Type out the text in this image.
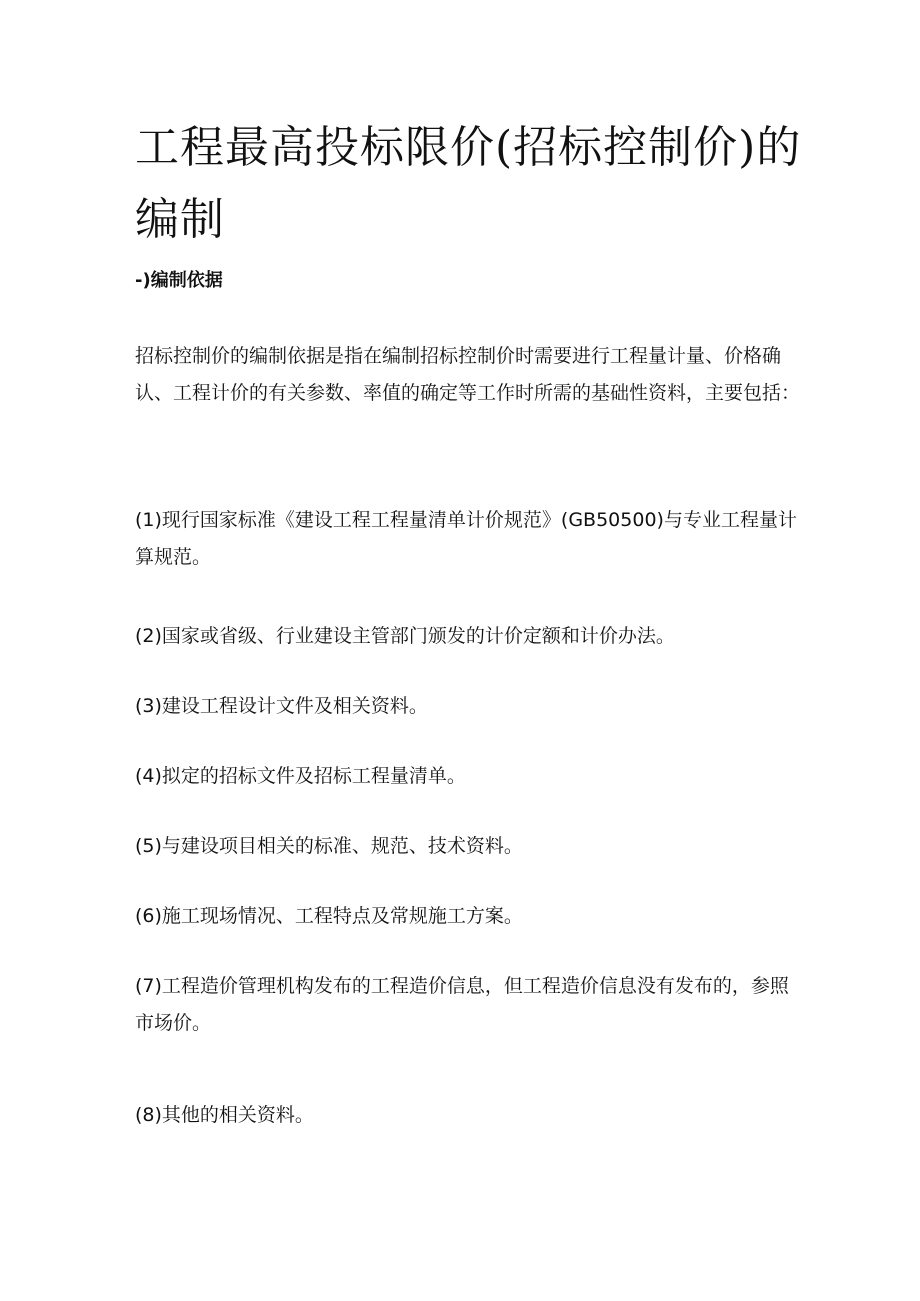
工程最高投标限价(招标控制价)的编制
-)编制依据

招标控制价的编制依据是指在编制招标控制价时需要进行工程量计量、价格确认、工程计价的有关参数、率值的确定等工作时所需的基础性资料，主要包括：

(1)现行国家标准《建设工程工程量清单计价规范》(GB50500)与专业工程量计算规范。

(2)国家或省级、行业建设主管部门颁发的计价定额和计价办法。

(3)建设工程设计文件及相关资料。

(4)拟定的招标文件及招标工程量清单。

(5)与建设项目相关的标准、规范、技术资料。

(6)施工现场情况、工程特点及常规施工方案。

(7)工程造价管理机构发布的工程造价信息，但工程造价信息没有发布的，参照市场价。

(8)其他的相关资料。
